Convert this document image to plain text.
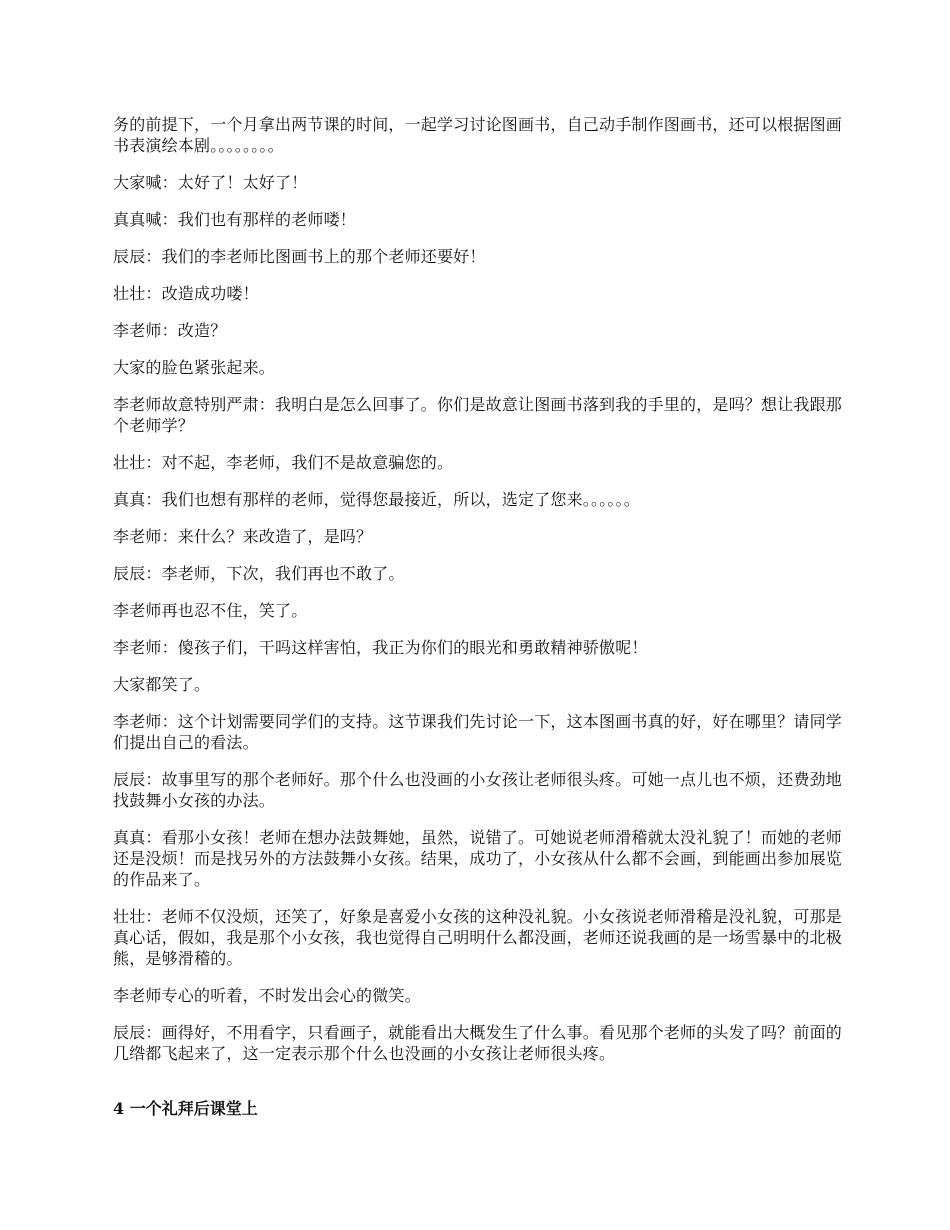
务的前提下，一个月拿出两节课的时间，一起学习讨论图画书，自己动手制作图画书，还可以根据图画书表演绘本剧。。。。。。。。

大家喊：太好了！太好了！

真真喊：我们也有那样的老师喽！

辰辰：我们的李老师比图画书上的那个老师还要好！

壮壮：改造成功喽！

李老师：改造？

大家的脸色紧张起来。

李老师故意特别严肃：我明白是怎么回事了。你们是故意让图画书落到我的手里的，是吗？想让我跟那个老师学？

壮壮：对不起，李老师，我们不是故意骗您的。

真真：我们也想有那样的老师，觉得您最接近，所以，选定了您来。。。。。。

李老师：来什么？来改造了，是吗？

辰辰：李老师，下次，我们再也不敢了。

李老师再也忍不住，笑了。

李老师：傻孩子们，干吗这样害怕，我正为你们的眼光和勇敢精神骄傲呢！

大家都笑了。

李老师：这个计划需要同学们的支持。这节课我们先讨论一下，这本图画书真的好，好在哪里？请同学们提出自己的看法。

辰辰：故事里写的那个老师好。那个什么也没画的小女孩让老师很头疼。可她一点儿也不烦，还费劲地找鼓舞小女孩的办法。

真真：看那小女孩！老师在想办法鼓舞她，虽然，说错了。可她说老师滑稽就太没礼貌了！而她的老师还是没烦！而是找另外的方法鼓舞小女孩。结果，成功了，小女孩从什么都不会画，到能画出参加展览的作品来了。

壮壮：老师不仅没烦，还笑了，好象是喜爱小女孩的这种没礼貌。小女孩说老师滑稽是没礼貌，可那是真心话，假如，我是那个小女孩，我也觉得自己明明什么都没画，老师还说我画的是一场雪暴中的北极熊，是够滑稽的。

李老师专心的听着，不时发出会心的微笑。

辰辰：画得好，不用看字，只看画子，就能看出大概发生了什么事。看见那个老师的头发了吗？前面的几绺都飞起来了，这一定表示那个什么也没画的小女孩让老师很头疼。

4 一个礼拜后课堂上
